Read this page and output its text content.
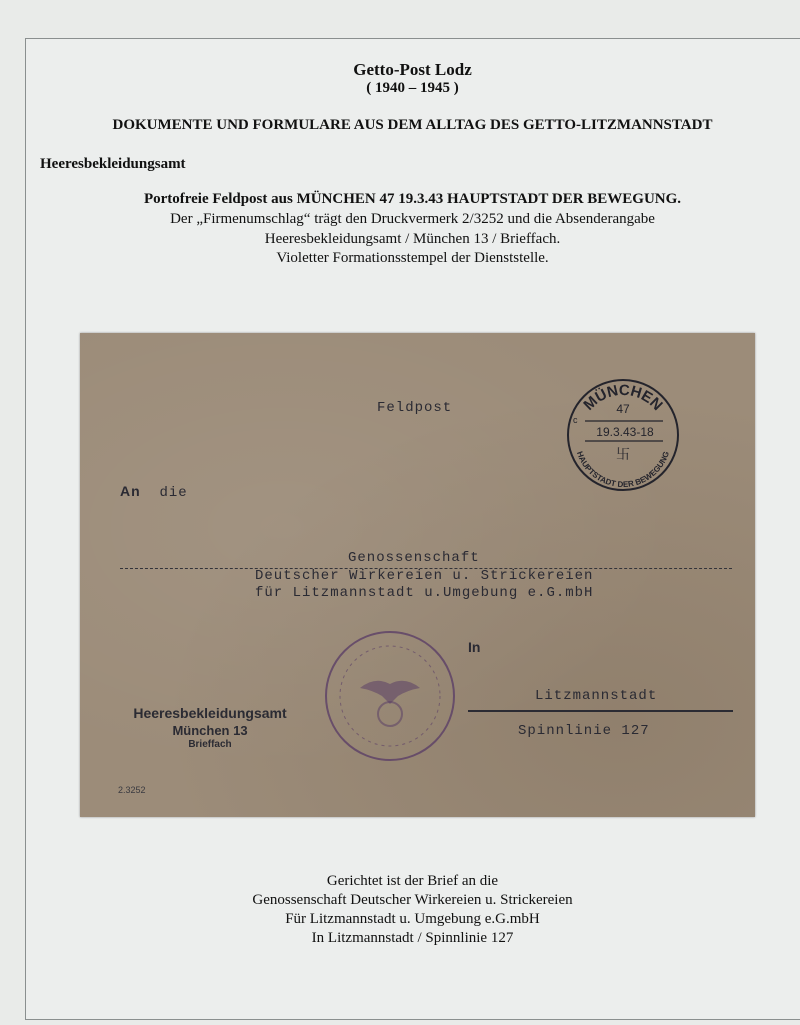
Getto-Post Lodz
( 1940 – 1945 )
DOKUMENTE UND FORMULARE AUS DEM ALLTAG DES GETTO-LITZMANNSTADT
Heeresbekleidungsamt
Portofreie Feldpost aus MÜNCHEN 47 19.3.43 HAUPTSTADT DER BEWEGUNG.
Der „Firmenumschlag“ trägt den Druckvermerk 2/3252 und die Absenderangabe
Heeresbekleidungsamt / München 13 / Brieffach.
Violetter Formationsstempel der Dienststelle.
Feldpost
An die
Genossenschaft
Deutscher Wirkereien u. Strickereien
für Litzmannstadt u.Umgebung e.G.mbH
In
Litzmannstadt
Spinnlinie 127
Heeresbekleidungsamt
München 13
Brieffach
2.3252
MÜNCHEN
47
c
19.3.43-18
卐
HAUPTSTADT DER BEWEGUNG
Gerichtet ist der Brief an die
Genossenschaft Deutscher Wirkereien u. Strickereien
Für Litzmannstadt u. Umgebung e.G.mbH
In Litzmannstadt / Spinnlinie 127
